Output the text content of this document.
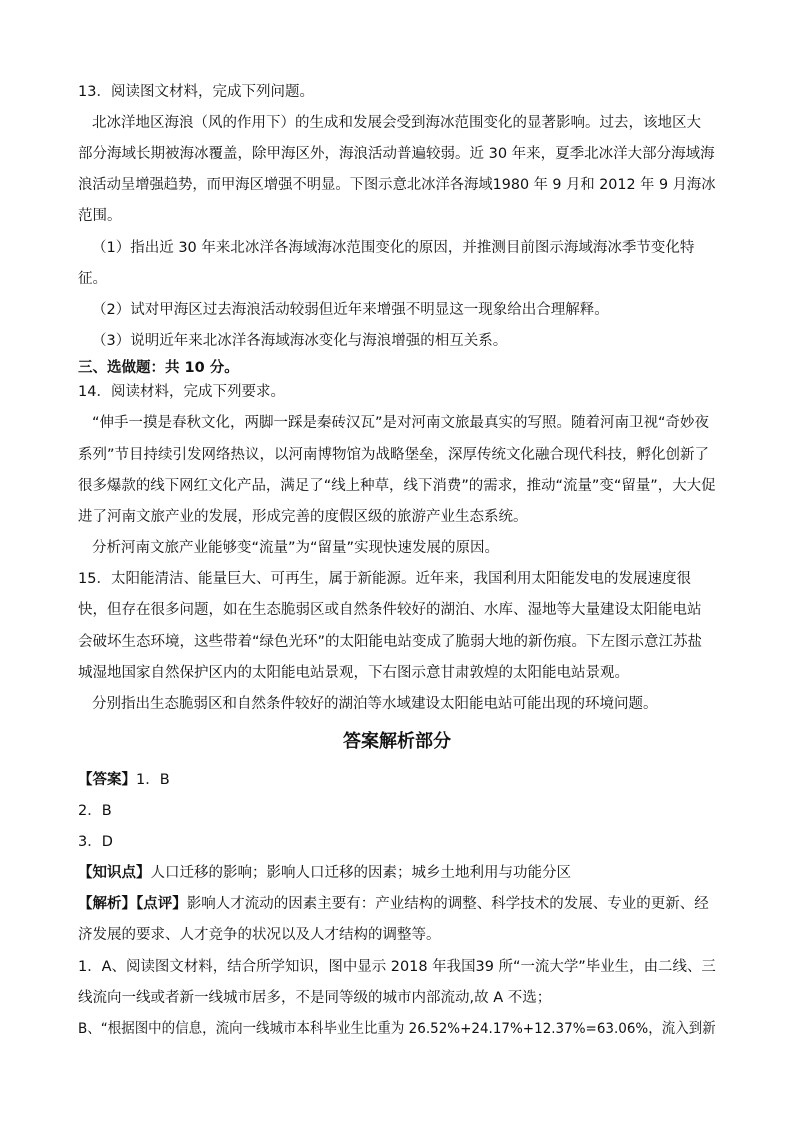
13．阅读图文材料，完成下列问题。
北冰洋地区海浪（风的作用下）的生成和发展会受到海冰范围变化的显著影响。过去，该地区大
部分海域长期被海冰覆盖，除甲海区外，海浪活动普遍较弱。近 30 年来，夏季北冰洋大部分海域海
浪活动呈增强趋势，而甲海区增强不明显。下图示意北冰洋各海域1980 年 9 月和 2012 年 9 月海冰
范围。
（1）指出近 30 年来北冰洋各海域海冰范围变化的原因，并推测目前图示海域海冰季节变化特
征。
（2）试对甲海区过去海浪活动较弱但近年来增强不明显这一现象给出合理解释。
（3）说明近年来北冰洋各海域海冰变化与海浪增强的相互关系。
三、选做题：共 10 分。
14．阅读材料，完成下列要求。
“伸手一摸是春秋文化，两脚一踩是秦砖汉瓦”是对河南文旅最真实的写照。随着河南卫视“奇妙夜
系列”节目持续引发网络热议，以河南博物馆为战略堡垒，深厚传统文化融合现代科技，孵化创新了
很多爆款的线下网红文化产品，满足了“线上种草，线下消费”的需求，推动“流量”变“留量”，大大促
进了河南文旅产业的发展，形成完善的度假区级的旅游产业生态系统。
分析河南文旅产业能够变“流量”为“留量”实现快速发展的原因。
15．太阳能清洁、能量巨大、可再生，属于新能源。近年来，我国利用太阳能发电的发展速度很
快，但存在很多问题，如在生态脆弱区或自然条件较好的湖泊、水库、湿地等大量建设太阳能电站
会破坏生态环境，这些带着“绿色光环”的太阳能电站变成了脆弱大地的新伤痕。下左图示意江苏盐
城湿地国家自然保护区内的太阳能电站景观，下右图示意甘肃敦煌的太阳能电站景观。
分别指出生态脆弱区和自然条件较好的湖泊等水域建设太阳能电站可能出现的环境问题。
答案解析部分
【答案】1．B
2．B
3．D
【知识点】人口迁移的影响；影响人口迁移的因素；城乡土地利用与功能分区
【解析】【点评】影响人才流动的因素主要有：产业结构的调整、科学技术的发展、专业的更新、经
济发展的要求、人才竞争的状况以及人才结构的调整等。
1．A、阅读图文材料，结合所学知识，图中显示 2018 年我国39 所“一流大学”毕业生，由二线、三
线流向一线或者新一线城市居多，不是同等级的城市内部流动,故 A 不选；
B、“根据图中的信息，流向一线城市本科毕业生比重为 26.52%+24.17%+12.37%=63.06%，流入到新
